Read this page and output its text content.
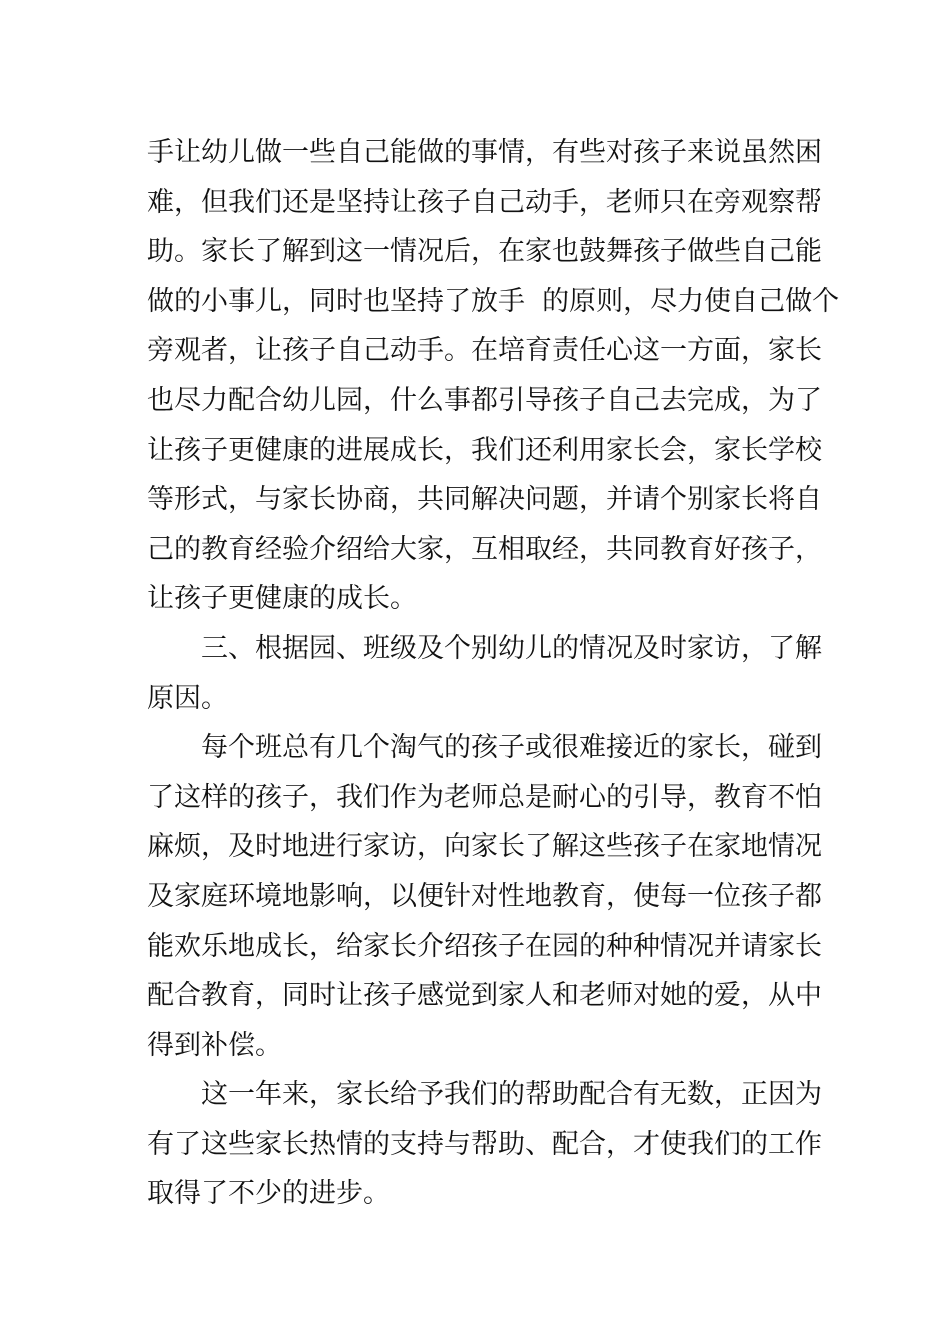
手让幼儿做一些自己能做的事情，有些对孩子来说虽然困
难，但我们还是坚持让孩子自己动手，老师只在旁观察帮
助。家长了解到这一情况后，在家也鼓舞孩子做些自己能
做的小事儿，同时也坚持了放手  的原则，尽力使自己做个
旁观者，让孩子自己动手。在培育责任心这一方面，家长
也尽力配合幼儿园，什么事都引导孩子自己去完成，为了
让孩子更健康的进展成长，我们还利用家长会，家长学校
等形式，与家长协商，共同解决问题，并请个别家长将自
己的教育经验介绍给大家，互相取经，共同教育好孩子，
让孩子更健康的成长。
三、根据园、班级及个别幼儿的情况及时家访，了解
原因。
每个班总有几个淘气的孩子或很难接近的家长，碰到
了这样的孩子，我们作为老师总是耐心的引导，教育不怕
麻烦，及时地进行家访，向家长了解这些孩子在家地情况
及家庭环境地影响，以便针对性地教育，使每一位孩子都
能欢乐地成长，给家长介绍孩子在园的种种情况并请家长
配合教育，同时让孩子感觉到家人和老师对她的爱，从中
得到补偿。
这一年来，家长给予我们的帮助配合有无数，正因为
有了这些家长热情的支持与帮助、配合，才使我们的工作
取得了不少的进步。
